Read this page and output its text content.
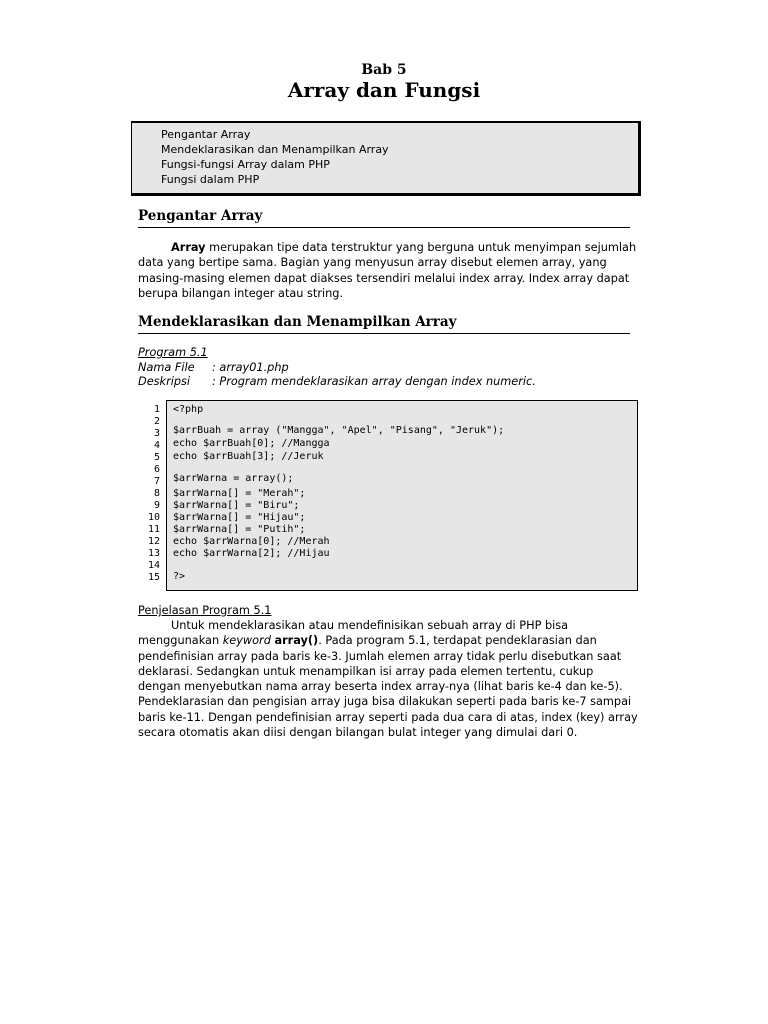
Bab 5
Array dan Fungsi
Pengantar Array
Mendeklarasikan dan Menampilkan Array
Fungsi-fungsi Array dalam PHP
Fungsi dalam PHP
Pengantar Array
Array merupakan tipe data terstruktur yang berguna untuk menyimpan sejumlah data yang bertipe sama. Bagian yang menyusun array disebut elemen array, yang masing-masing elemen dapat diakses tersendiri melalui index array. Index array dapat berupa bilangan integer atau string.
Mendeklarasikan dan Menampilkan Array
Program 5.1
Nama File : array01.php
Deskripsi : Program mendeklarasikan array dengan index numeric.
1
2
3
4
5
6
7
8
9
10
11
12
13
14
15
<?php
$arrBuah = array ("Mangga", "Apel", "Pisang", "Jeruk");
echo $arrBuah[0]; //Mangga
echo $arrBuah[3]; //Jeruk
$arrWarna = array();
$arrWarna[] = "Merah";
$arrWarna[] = "Biru";
$arrWarna[] = "Hijau";
$arrWarna[] = "Putih";
echo $arrWarna[0]; //Merah
echo $arrWarna[2]; //Hijau
?>
Penjelasan Program 5.1
Untuk mendeklarasikan atau mendefinisikan sebuah array di PHP bisa menggunakan keyword array(). Pada program 5.1, terdapat pendeklarasian dan pendefinisian array pada baris ke-3. Jumlah elemen array tidak perlu disebutkan saat deklarasi. Sedangkan untuk menampilkan isi array pada elemen tertentu, cukup dengan menyebutkan nama array beserta index array-nya (lihat baris ke-4 dan ke-5). Pendeklarasian dan pengisian array juga bisa dilakukan seperti pada baris ke-7 sampai baris ke-11. Dengan pendefinisian array seperti pada dua cara di atas, index (key) array secara otomatis akan diisi dengan bilangan bulat integer yang dimulai dari 0.
